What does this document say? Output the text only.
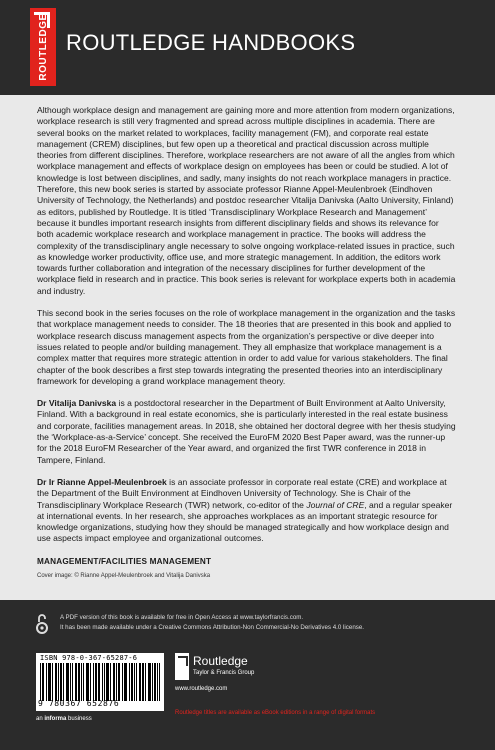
ROUTLEDGE ROUTLEDGE HANDBOOKS

Although workplace design and management are gaining more and more attention from modern organizations, workplace research is still very fragmented and spread across multiple disciplines in academia. There are several books on the market related to workplaces, facility management (FM), and corporate real estate management (CREM) disciplines, but few open up a theoretical and practical discussion across multiple theories from different disciplines. Therefore, workplace researchers are not aware of all the angles from which workplace management and effects of workplace design on employees has been or could be studied. A lot of knowledge is lost between disciplines, and sadly, many insights do not reach workplace managers in practice. Therefore, this new book series is started by associate professor Rianne Appel-Meulenbroek (Eindhoven University of Technology, the Netherlands) and postdoc researcher Vitalija Danivska (Aalto University, Finland) as editors, published by Routledge. It is titled ‘Transdisciplinary Workplace Research and Management’ because it bundles important research insights from different disciplinary fields and shows its relevance for both academic workplace research and workplace management in practice. The books will address the complexity of the transdisciplinary angle necessary to solve ongoing workplace-related issues in practice, such as knowledge worker productivity, office use, and more strategic management. In addition, the editors work towards further collaboration and integration of the necessary disciplines for further development of the workplace field in research and in practice. This book series is relevant for workplace experts both in academia and industry.

This second book in the series focuses on the role of workplace management in the organization and the tasks that workplace management needs to consider. The 18 theories that are presented in this book and applied to workplace research discuss management aspects from the organization’s perspective or dive deeper into issues related to people and/or building management. They all emphasize that workplace management is a complex matter that requires more strategic attention in order to add value for various stakeholders. The final chapter of the book describes a first step towards integrating the presented theories into an interdisciplinary framework for developing a grand workplace management theory.

Dr Vitalija Danivska is a postdoctoral researcher in the Department of Built Environment at Aalto University, Finland. With a background in real estate economics, she is particularly interested in the real estate business and corporate, facilities management areas. In 2018, she obtained her doctoral degree with her thesis studying the ‘Workplace-as-a-Service’ concept. She received the EuroFM 2020 Best Paper award, was the runner-up for the 2018 EuroFM Researcher of the Year award, and organized the first TWR conference in 2018 in Tampere, Finland.

Dr Ir Rianne Appel-Meulenbroek is an associate professor in corporate real estate (CRE) and workplace at the Department of the Built Environment at Eindhoven University of Technology. She is Chair of the Transdisciplinary Workplace Research (TWR) network, co-editor of the Journal of CRE, and a regular speaker at international events. In her research, she approaches workplaces as an important strategic resource for knowledge organizations, studying how they should be managed strategically and how workplace design and use aspects impact employee and organizational outcomes.

MANAGEMENT/FACILITIES MANAGEMENT
Cover image: © Rianne Appel-Meulenbroek and Vitalija Danivska
A PDF version of this book is available for free in Open Access at www.taylorfrancis.com.
It has been made available under a Creative Commons Attribution-Non Commercial-No Derivatives 4.0 license.
ISBN 978-0-367-65287-6
9 780367 652876
an informa business
Routledge
Taylor & Francis Group
www.routledge.com
Routledge titles are available as eBook editions in a range of digital formats
